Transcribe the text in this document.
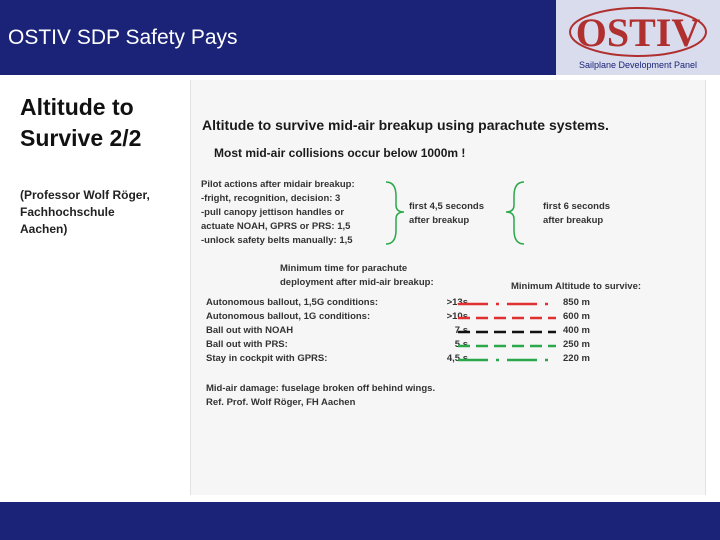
OSTIV SDP Safety Pays	OSTIV
Sailplane Development Panel
Altitude to
Survive 2/2
(Professor Wolf Röger,
Fachhochschule
Aachen)
Altitude to survive mid-air breakup using parachute systems.
Most mid-air collisions occur below 1000m !
Pilot actions after midair breakup:
-fright, recognition, decision: 3
-pull canopy jettison handles or
actuate NOAH, GPRS or PRS: 1,5
-unlock safety belts manually: 1,5
first 4,5 seconds
after breakup
first 6 seconds
after breakup
Minimum time for parachute
deployment after mid-air breakup:	Minimum Altitude to survive:
Autonomous ballout, 1,5G conditions:	>13s	850 m
Autonomous ballout, 1G conditions:	>10s	600 m
Ball out with NOAH	7 s	400 m
Ball out with PRS:	5 s	250 m
Stay in cockpit with GPRS:	4,5 s	220 m
Mid-air damage: fuselage broken off behind wings.
Ref. Prof. Wolf Röger, FH Aachen
